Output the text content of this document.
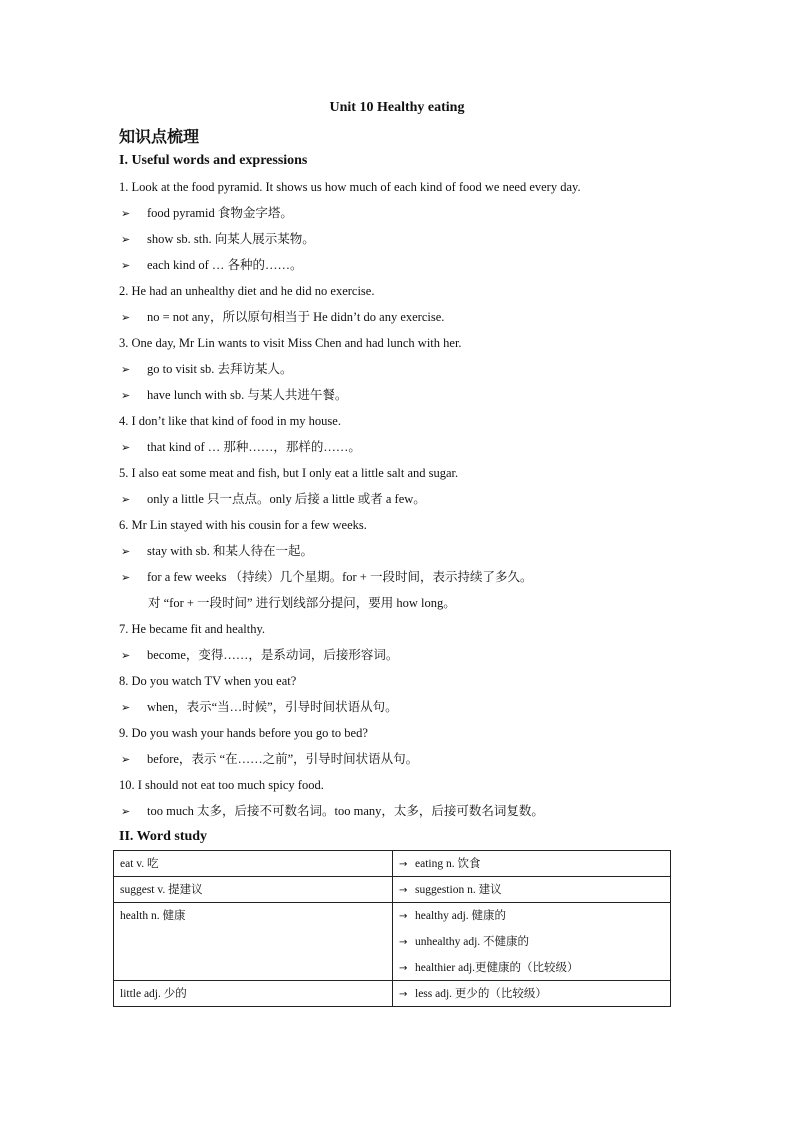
Unit 10 Healthy eating
知识点梳理
I. Useful words and expressions
1. Look at the food pyramid. It shows us how much of each kind of food we need every day.
➢ food pyramid 食物金字塔。
➢ show sb. sth. 向某人展示某物。
➢ each kind of … 各种的……。
2. He had an unhealthy diet and he did no exercise.
➢ no = not any，所以原句相当于 He didn’t do any exercise.
3. One day, Mr Lin wants to visit Miss Chen and had lunch with her.
➢ go to visit sb. 去拜访某人。
➢ have lunch with sb. 与某人共进午餐。
4. I don’t like that kind of food in my house.
➢ that kind of … 那种……，那样的……。
5. I also eat some meat and fish, but I only eat a little salt and sugar.
➢ only a little 只一点点。only 后接 a little 或者 a few。
6. Mr Lin stayed with his cousin for a few weeks.
➢ stay with sb. 和某人待在一起。
➢ for a few weeks （持续）几个星期。for + 一段时间，表示持续了多久。
对 “for + 一段时间” 进行划线部分提问，要用 how long。
7. He became fit and healthy.
➢ become，变得……，是系动词，后接形容词。
8. Do you watch TV when you eat?
➢ when，表示“当…时候”，引导时间状语从句。
9. Do you wash your hands before you go to bed?
➢ before，表示 “在……之前”，引导时间状语从句。
10. I should not eat too much spicy food.
➢ too much 太多，后接不可数名词。too many，太多，后接可数名词复数。
II. Word study
eat v. 吃	→ eating n. 饮食

suggest v. 提建议	→ suggestion n. 建议

health n. 健康	→ healthy adj. 健康的
→ unhealthy adj. 不健康的
→ healthier adj.更健康的（比较级）

little adj. 少的	→ less adj. 更少的（比较级）
